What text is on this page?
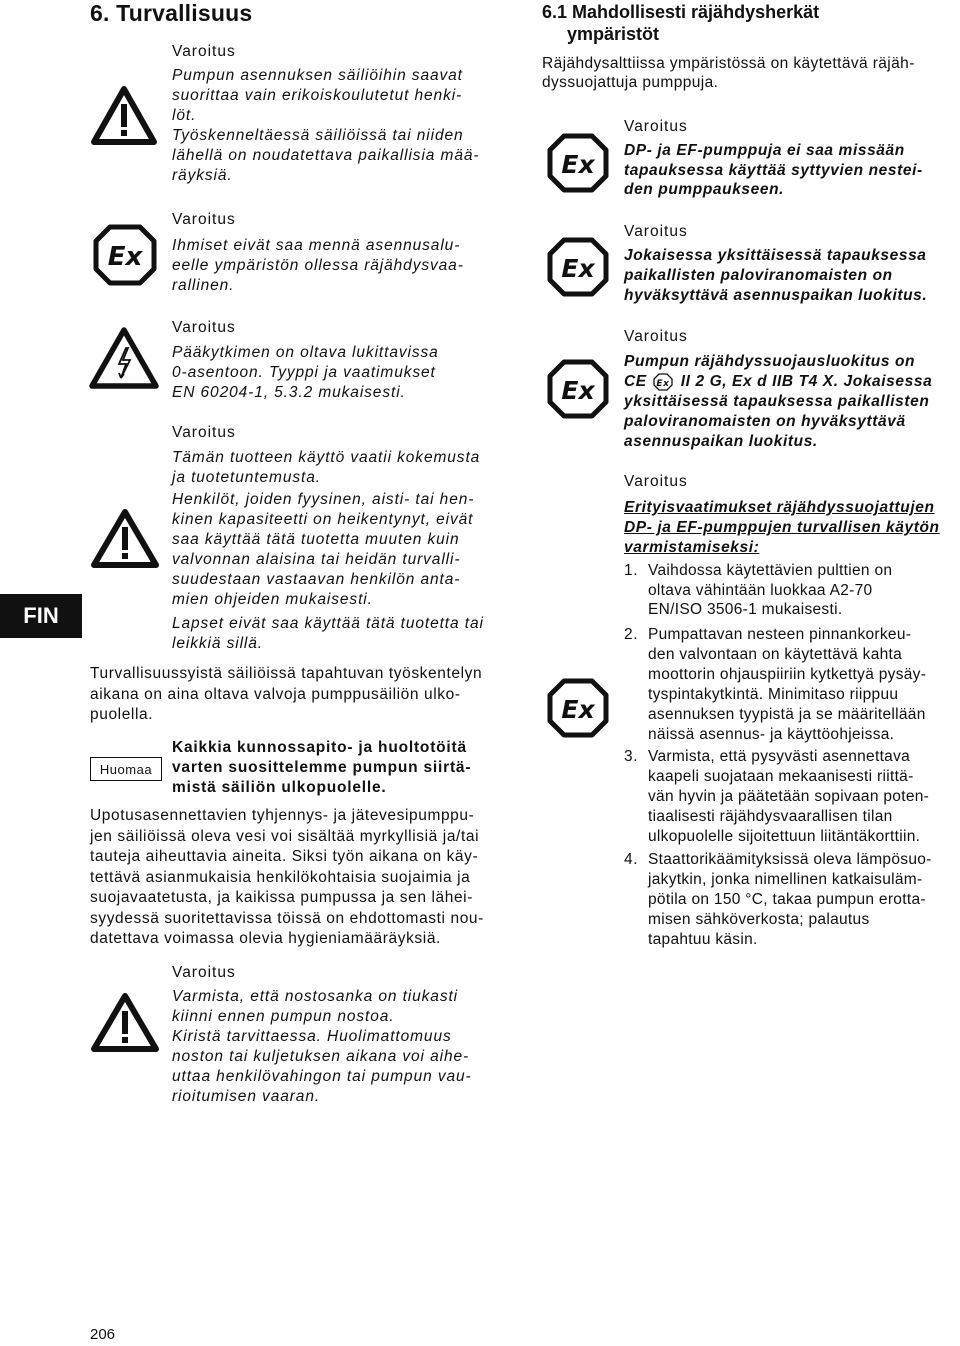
6. Turvallisuus
Varoitus
Pumpun asennuksen säiliöihin saavat
suorittaa vain erikoiskoulutetut henki-
löt.
Työskenneltäessä säiliöissä tai niiden
lähellä on noudatettava paikallisia mää-
räyksiä.
Ex
Varoitus
Ihmiset eivät saa mennä asennusalu-
eelle ympäristön ollessa räjähdysvaa-
rallinen.
Varoitus
Pääkytkimen on oltava lukittavissa
0-asentoon. Tyyppi ja vaatimukset
EN 60204-1, 5.3.2 mukaisesti.
Varoitus
Tämän tuotteen käyttö vaatii kokemusta
ja tuotetuntemusta.
Henkilöt, joiden fyysinen, aisti- tai hen-
kinen kapasiteetti on heikentynyt, eivät
saa käyttää tätä tuotetta muuten kuin
valvonnan alaisina tai heidän turvalli-
suudestaan vastaavan henkilön anta-
mien ohjeiden mukaisesti.
Lapset eivät saa käyttää tätä tuotetta tai
leikkiä sillä.
Turvallisuussyistä säiliöissä tapahtuvan työskentelyn
aikana on aina oltava valvoja pumppusäiliön ulko-
puolella.
Huomaa
Kaikkia kunnossapito- ja huoltotöitä
varten suosittelemme pumpun siirtä-
mistä säiliön ulkopuolelle.
Upotusasennettavien tyhjennys- ja jätevesipumppu-
jen säiliöissä oleva vesi voi sisältää myrkyllisiä ja/tai
tauteja aiheuttavia aineita. Siksi työn aikana on käy-
tettävä asianmukaisia henkilökohtaisia suojaimia ja
suojavaatetusta, ja kaikissa pumpussa ja sen lähei-
syydessä suoritettavissa töissä on ehdottomasti nou-
datettava voimassa olevia hygieniamääräyksiä.
Varoitus
Varmista, että nostosanka on tiukasti
kiinni ennen pumpun nostoa.
Kiristä tarvittaessa. Huolimattomuus
noston tai kuljetuksen aikana voi aihe-
uttaa henkilövahingon tai pumpun vau-
rioitumisen vaaran.
FIN
206
6.1 Mahdollisesti räjähdysherkät
ympäristöt
Räjähdysalttiissa ympäristössä on käytettävä räjäh-
dyssuojattuja pumppuja.
Ex
Varoitus
DP- ja EF-pumppuja ei saa missään
tapauksessa käyttää syttyvien nestei-
den pumppaukseen.
Ex
Varoitus
Jokaisessa yksittäisessä tapauksessa
paikallisten paloviranomaisten on
hyväksyttävä asennuspaikan luokitus.
Ex
Varoitus
Pumpun räjähdyssuojausluokitus on
CE Ex II 2 G, Ex d IIB T4 X. Jokaisessa
yksittäisessä tapauksessa paikallisten
paloviranomaisten on hyväksyttävä
asennuspaikan luokitus.
Ex
Varoitus
Erityisvaatimukset räjähdyssuojattujen
DP- ja EF-pumppujen turvallisen käytön
varmistamiseksi:
1. Vaihdossa käytettävien pulttien on
oltava vähintään luokkaa A2-70
EN/ISO 3506-1 mukaisesti.
2. Pumpattavan nesteen pinnankorkeu-
den valvontaan on käytettävä kahta
moottorin ohjauspiiriin kytkettyä pysäy-
tyspintakytkintä. Minimitaso riippuu
asennuksen tyypistä ja se määritellään
näissä asennus- ja käyttöohjeissa.
3. Varmista, että pysyvästi asennettava
kaapeli suojataan mekaanisesti riittä-
vän hyvin ja päätetään sopivaan poten-
tiaalisesti räjähdysvaarallisen tilan
ulkopuolelle sijoitettuun liitäntäkorttiin.
4. Staattorikäämityksissä oleva lämpösuo-
jakytkin, jonka nimellinen katkaisuläm-
pötila on 150 °C, takaa pumpun erotta-
misen sähköverkosta; palautus
tapahtuu käsin.
